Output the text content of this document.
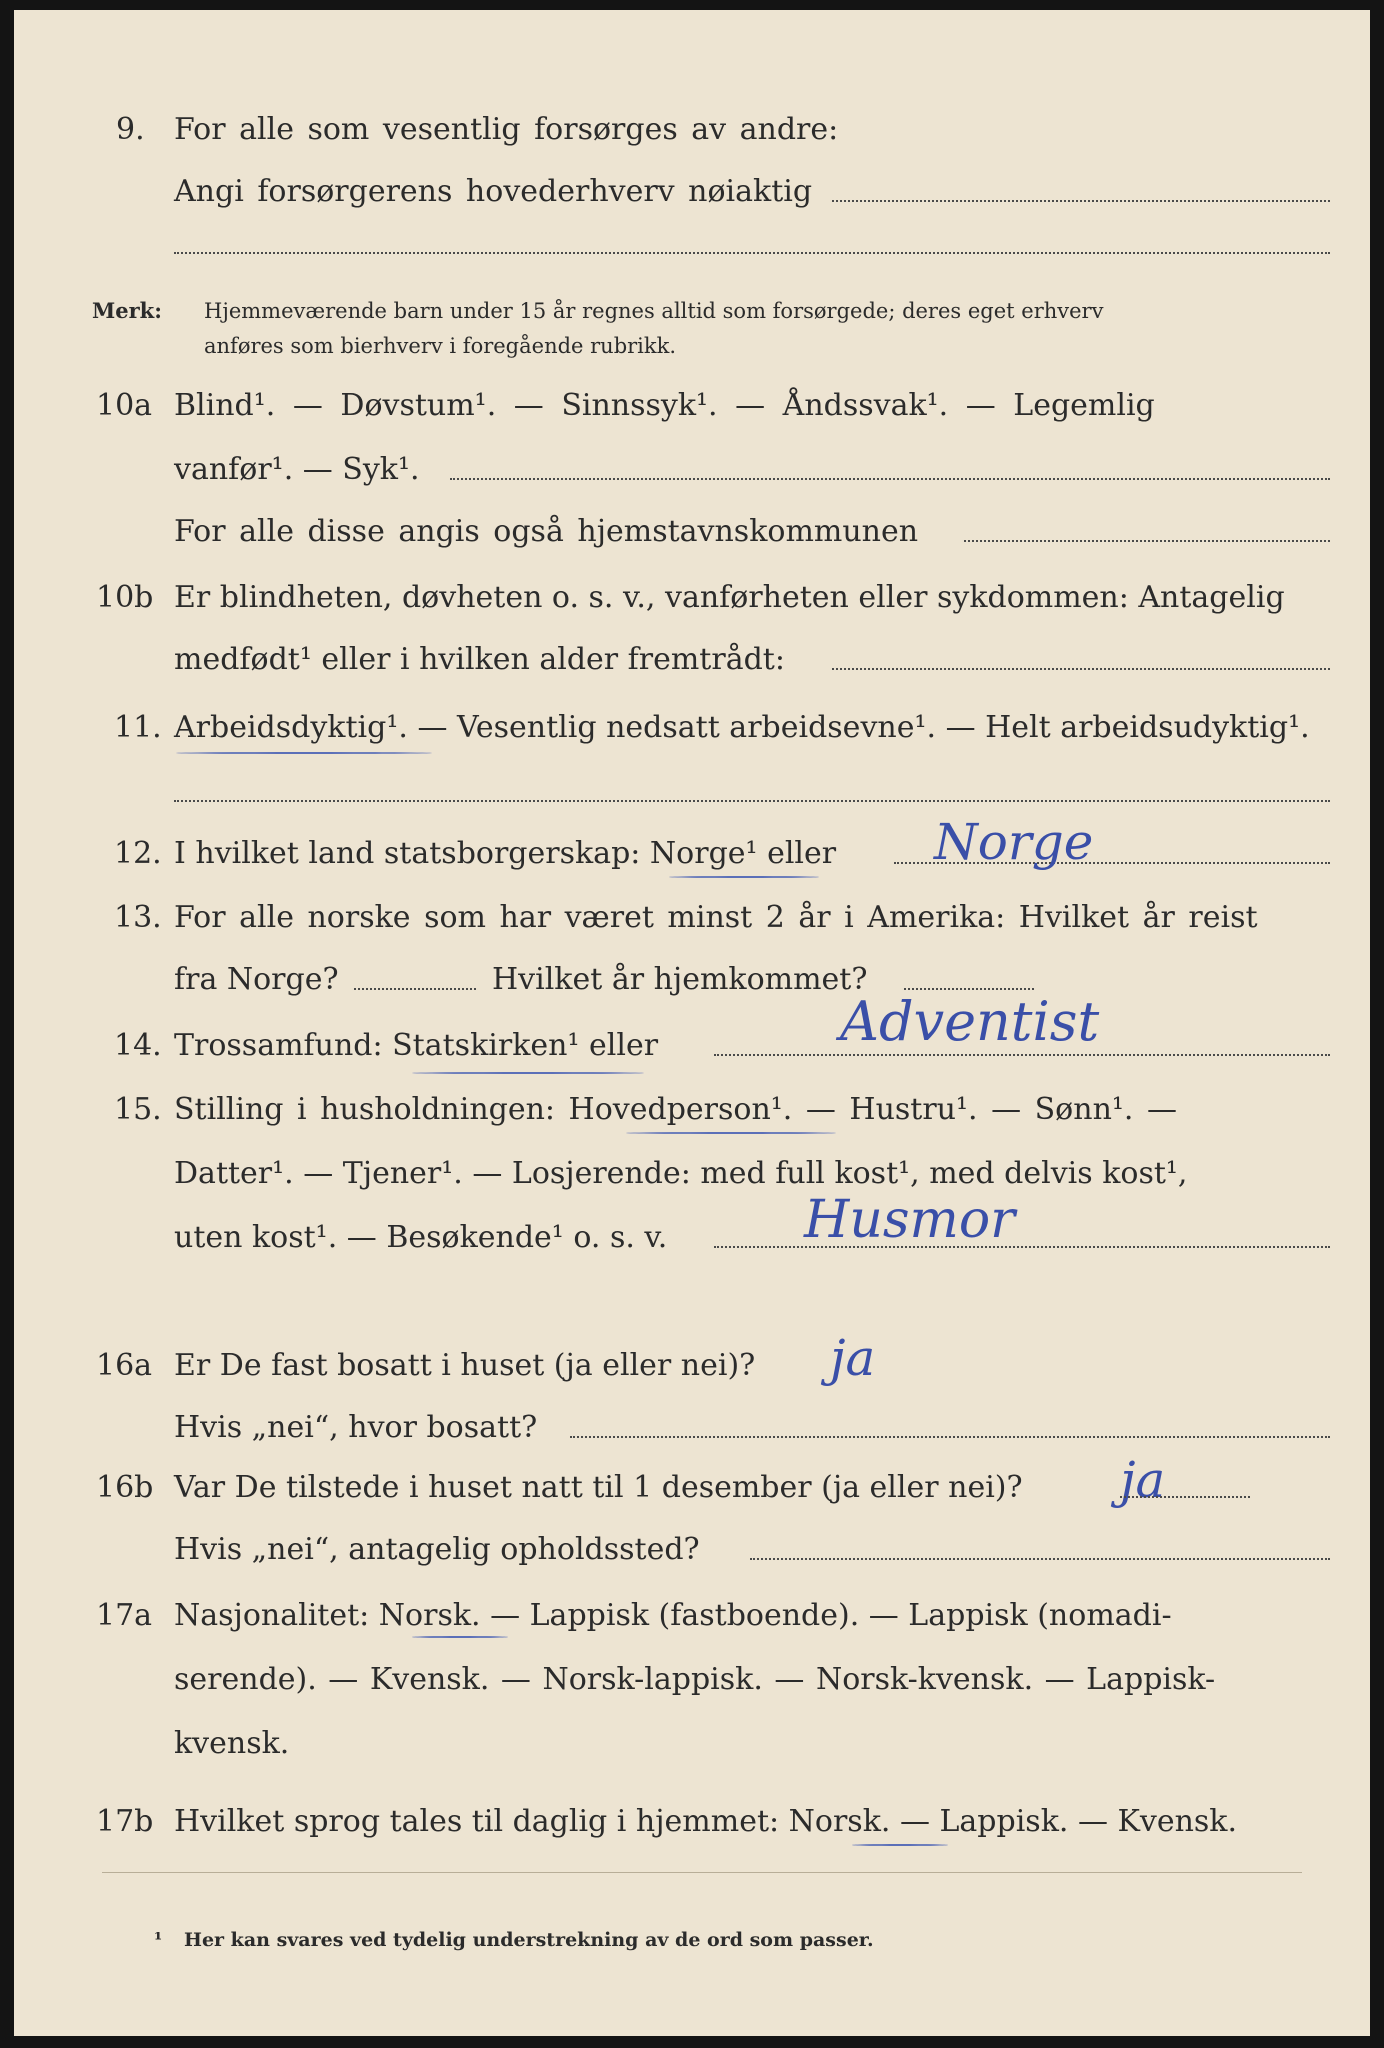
9. For alle som vesentlig forsørges av andre:
Angi forsørgerens hovederhverv nøiaktig
Merk: Hjemmeværende barn under 15 år regnes alltid som forsørgede; deres eget erhverv
anføres som bierhverv i foregående rubrikk.
10a Blind¹. — Døvstum¹. — Sinnssyk¹. — Åndssvak¹. — Legemlig
vanfør¹. — Syk¹.
For alle disse angis også hjemstavnskommunen
10b Er blindheten, døvheten o. s. v., vanførheten eller sykdommen: Antagelig
medfødt¹ eller i hvilken alder fremtrådt:
11. Arbeidsdyktig¹. — Vesentlig nedsatt arbeidsevne¹. — Helt arbeidsudyktig¹.
12. I hvilket land statsborgerskap: Norge¹ eller Norge
13. For alle norske som har været minst 2 år i Amerika: Hvilket år reist
fra Norge?	Hvilket år hjemkommet?
14. Trossamfund: Statskirken¹ eller	Adventist
15. Stilling i husholdningen: Hovedperson¹. — Hustru¹. — Sønn¹. —
Datter¹. — Tjener¹. — Losjerende: med full kost¹, med delvis kost¹,
uten kost¹. — Besøkende¹ o. s. v.	Husmor
16a Er De fast bosatt i huset (ja eller nei)? ja
Hvis „nei“, hvor bosatt?
16b Var De tilstede i huset natt til 1 desember (ja eller nei)? ja
Hvis „nei“, antagelig opholdssted?
17a Nasjonalitet: Norsk. — Lappisk (fastboende). — Lappisk (nomadi-
serende). — Kvensk. — Norsk-lappisk. — Norsk-kvensk. — Lappisk-
kvensk.
17b Hvilket sprog tales til daglig i hjemmet: Norsk. — Lappisk. — Kvensk.
¹ Her kan svares ved tydelig understrekning av de ord som passer.
